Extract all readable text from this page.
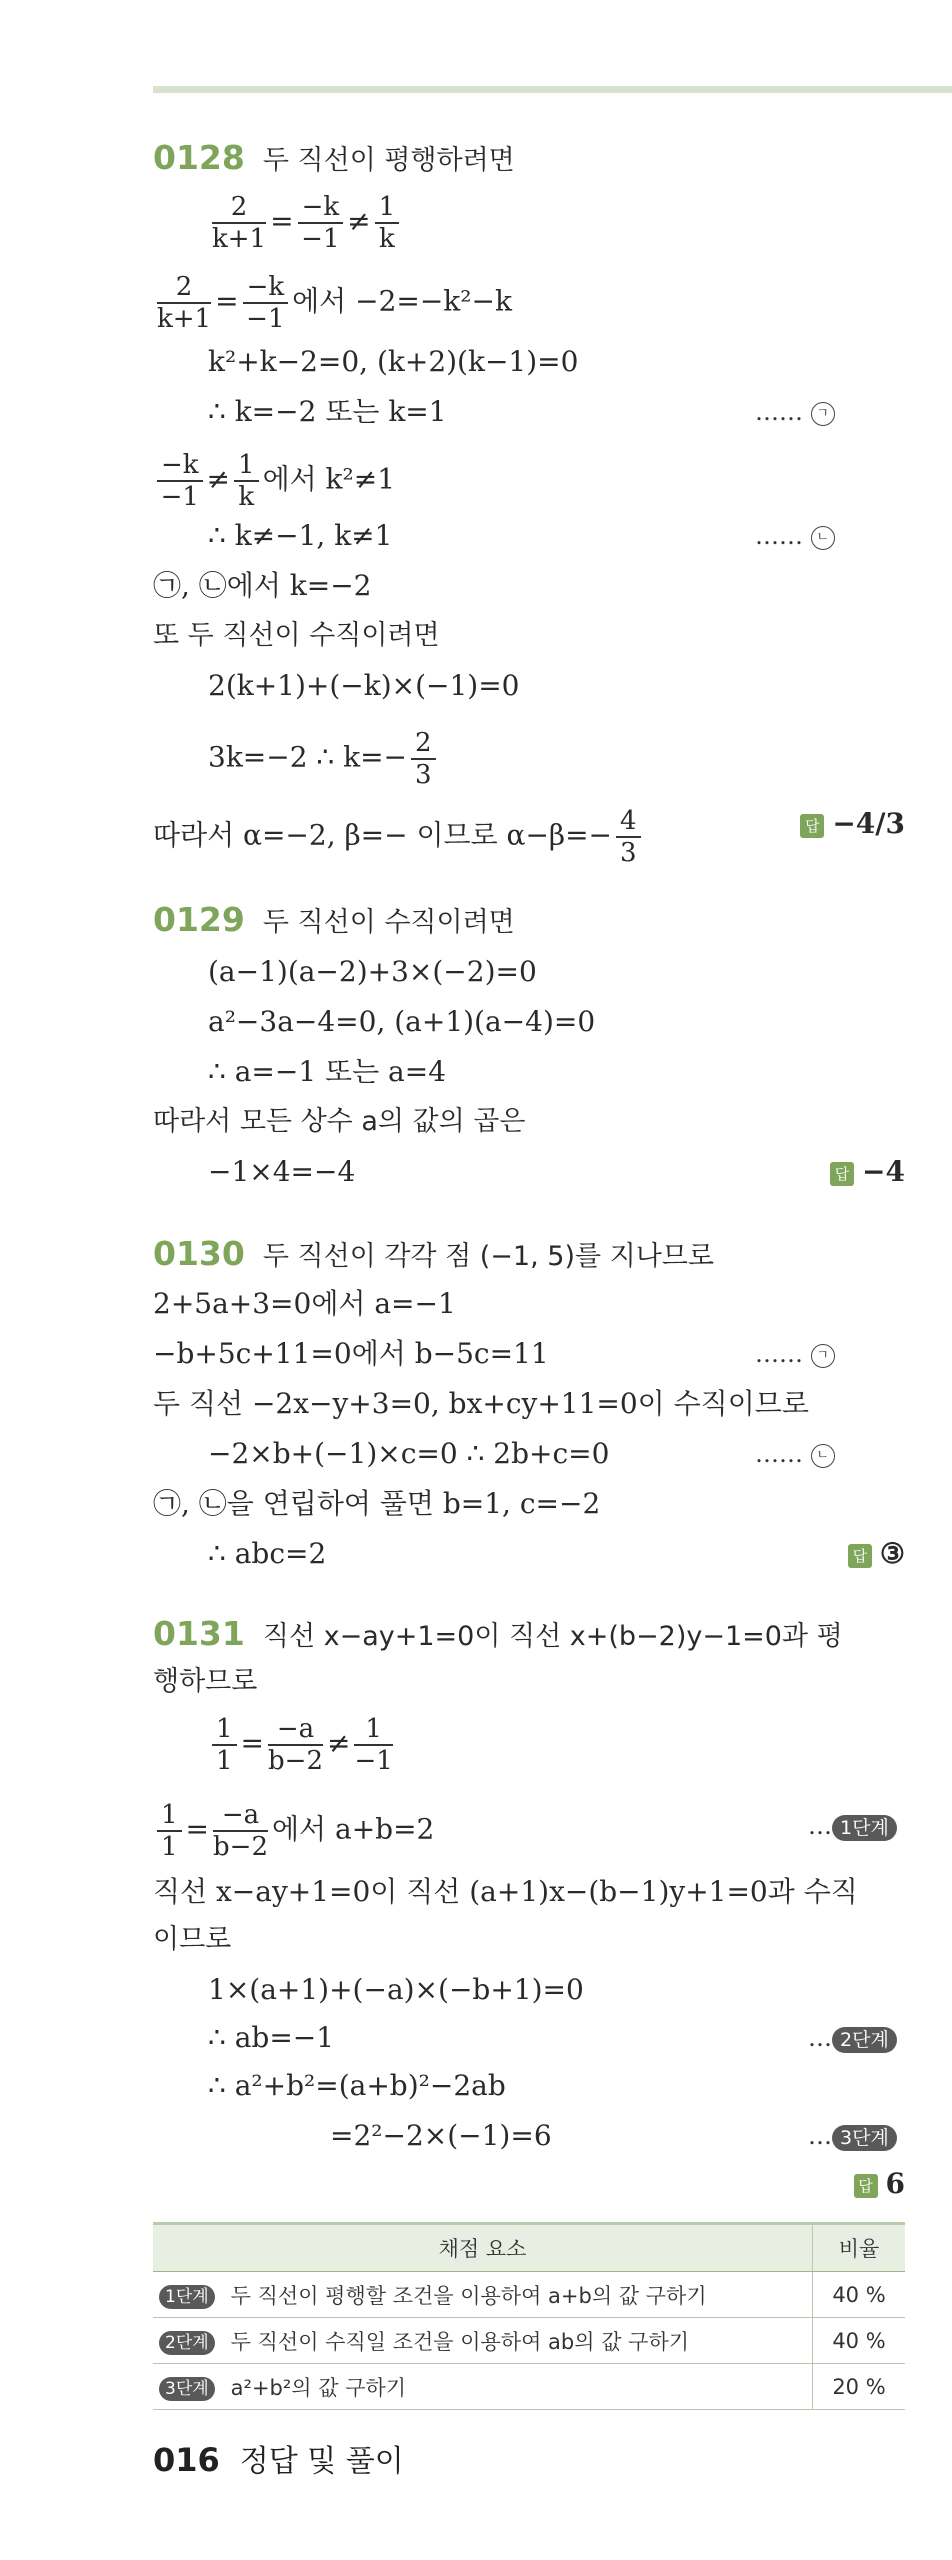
0128 두 직선이 평행하려면
$\frac{2}{k+1} = \frac{-k}{-1} \ne \frac{1}{k}$
$\frac{2}{k+1} = \frac{-k}{-1}$ 에서 −2=−k²−k
k²+k−2=0, (k+2)(k−1)=0
∴ k=−2 또는 k=1	…… ㄱ
$\frac{-k}{-1} \ne \frac{1}{k}$ 에서 k²≠1
∴ k≠−1, k≠1	…… ㄴ
㉠, ㉡에서 k=−2
또 두 직선이 수직이려면
2(k+1)+(−k)×(−1)=0
3k=−2 ∴ $k=- \frac{2}{3}$
따라서 α=−2, β=− 이므로 $\alpha-\beta=- \frac{4}{3}$	답 −4/3
0129 두 직선이 수직이려면
(a−1)(a−2)+3×(−2)=0
a²−3a−4=0, (a+1)(a−4)=0
∴ a=−1 또는 a=4
따라서 모든 상수 a의 값의 곱은
−1×4=−4	답 −4
0130 두 직선이 각각 점 (−1, 5)를 지나므로
2+5a+3=0에서 a=−1
−b+5c+11=0에서 b−5c=11	…… ㄱ
두 직선 −2x−y+3=0, bx+cy+11=0이 수직이므로
−2×b+(−1)×c=0 ∴ 2b+c=0	…… ㄴ
㉠, ㉡을 연립하여 풀면 b=1, c=−2
∴ abc=2	답 ③
0131 직선 x−ay+1=0이 직선 x+(b−2)y−1=0과 평
행하므로
$\frac{1}{1} = \frac{-a}{b-2} \ne \frac{1}{-1}$
$\frac{1}{1} = \frac{-a}{b-2}$ 에서 a+b=2	… 1단계
직선 x−ay+1=0이 직선 (a+1)x−(b−1)y+1=0과 수직
이므로
1×(a+1)+(−a)×(−b+1)=0
∴ ab=−1	… 2단계
∴ a²+b²=(a+b)²−2ab
=2²−2×(−1)=6	… 3단계
답 6
채점 요소	비율
1단계 두 직선이 평행할 조건을 이용하여 a+b의 값 구하기	40 %
2단계 두 직선이 수직일 조건을 이용하여 ab의 값 구하기	40 %
3단계 a²+b²의 값 구하기	20 %
016 정답 및 풀이
